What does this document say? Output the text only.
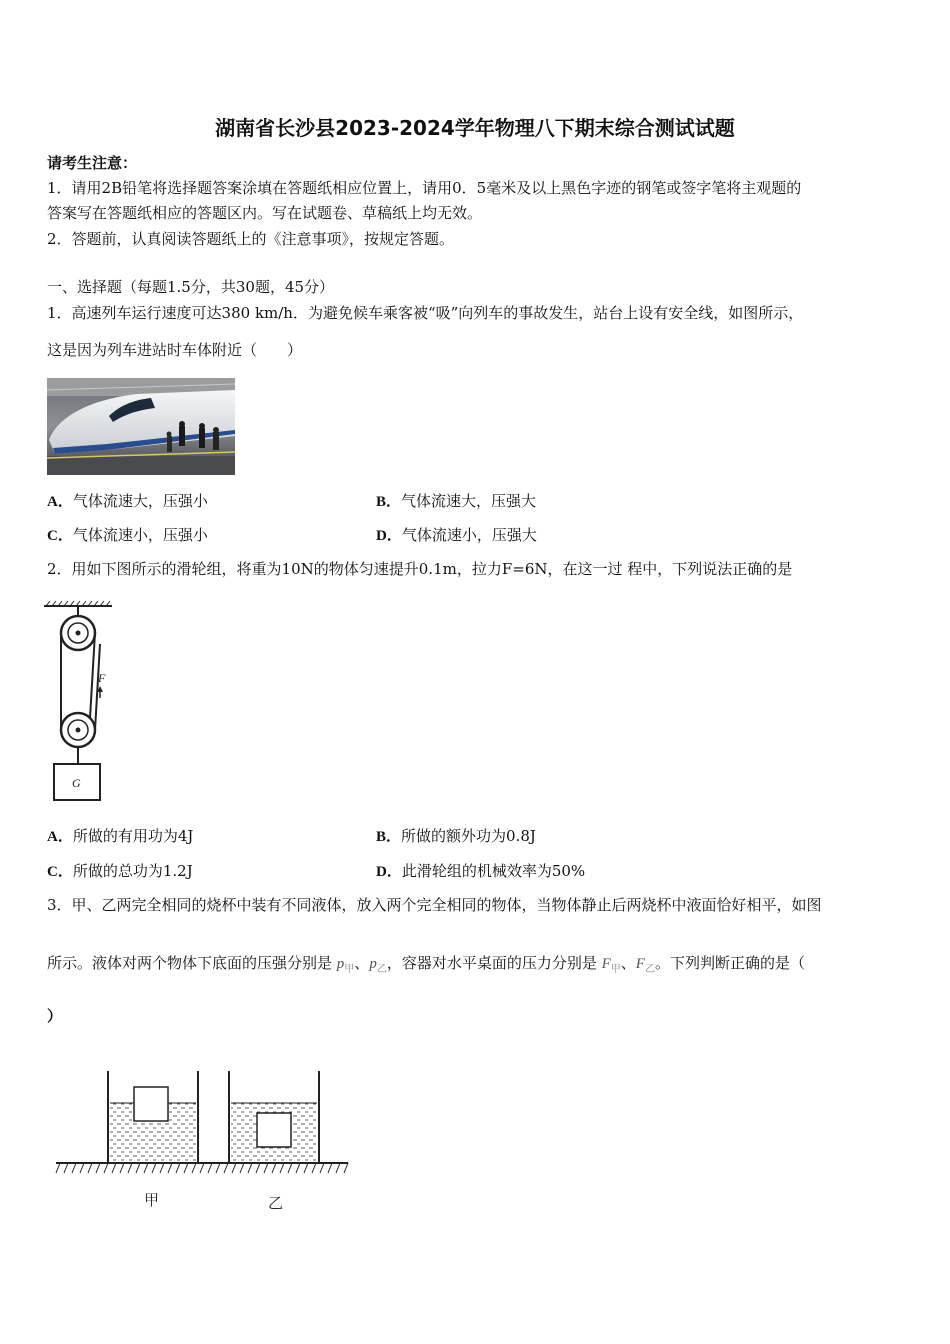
湖南省长沙县2023-2024学年物理八下期末综合测试试题
请考生注意：
1．请用2B铅笔将选择题答案涂填在答题纸相应位置上，请用0．5毫米及以上黑色字迹的钢笔或签字笔将主观题的
答案写在答题纸相应的答题区内。写在试题卷、草稿纸上均无效。
2．答题前，认真阅读答题纸上的《注意事项》，按规定答题。
一、选择题（每题1.5分，共30题，45分）
1．高速列车运行速度可达380 km/h．为避免候车乘客被“吸”向列车的事故发生，站台上设有安全线，如图所示，
这是因为列车进站时车体附近（　　）
A．气体流速大，压强小	B．气体流速大，压强大
C．气体流速小，压强小	D．气体流速小，压强大
2．用如下图所示的滑轮组，将重为10N的物体匀速提升0.1m，拉力F=6N，在这一过 程中，下列说法正确的是
F
G
A．所做的有用功为4J	B．所做的额外功为0.8J
C．所做的总功为1.2J	D．此滑轮组的机械效率为50%
3．甲、乙两完全相同的烧杯中装有不同液体，放入两个完全相同的物体，当物体静止后两烧杯中液面恰好相平，如图
所示。液体对两个物体下底面的压强分别是 $p_甲$、$p_乙$，容器对水平桌面的压力分别是 $F_甲$、$F_乙$。下列判断正确的是（
）
甲	乙
